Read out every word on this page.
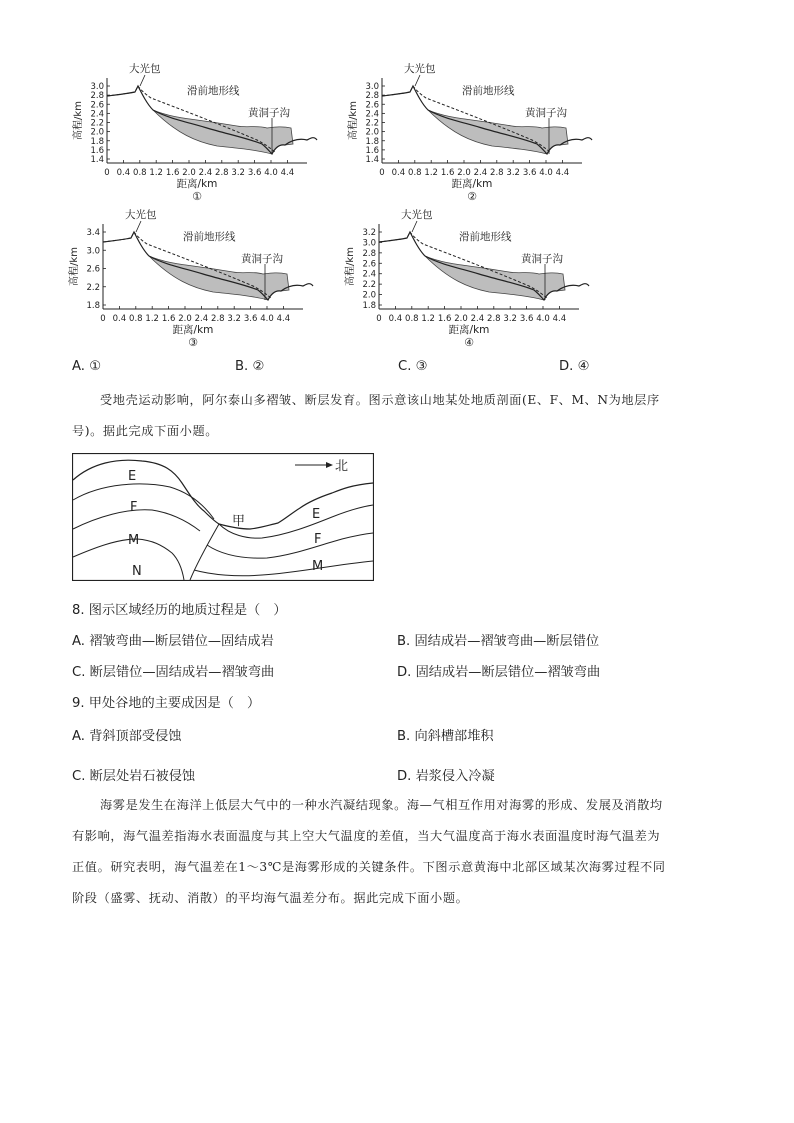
3.0
2.8
2.6
2.4
2.2
2.0
1.8
1.6
1.4
0 0.4 0.8 1.2 1.6 2.0 2.4 2.8 3.2 3.6 4.0 4.4
高程/km
距离/km
①
大光包
滑前地形线
黄洞子沟
3.0
2.8
2.6
2.4
2.2
2.0
1.8
1.6
1.4
0 0.4 0.8 1.2 1.6 2.0 2.4 2.8 3.2 3.6 4.0 4.4
高程/km
距离/km
②
大光包
滑前地形线
黄洞子沟
3.4
3.0
2.6
2.2
1.8
0 0.4 0.8 1.2 1.6 2.0 2.4 2.8 3.2 3.6 4.0 4.4
高程/km
距离/km
③
大光包
滑前地形线
黄洞子沟
3.2
3.0
2.8
2.6
2.4
2.2
2.0
1.8
0 0.4 0.8 1.2 1.6 2.0 2.4 2.8 3.2 3.6 4.0 4.4
高程/km
距离/km
④
大光包
滑前地形线
黄洞子沟
A. ①	B. ②	C. ③	D. ④
受地壳运动影响，阿尔泰山多褶皱、断层发育。图示意该山地某处地质剖面(E、F、M、N为地层序
号)。据此完成下面小题。
北
E
F
M
N
甲	E
F
M
8. 图示区域经历的地质过程是（　）
A. 褶皱弯曲—断层错位—固结成岩	B. 固结成岩—褶皱弯曲—断层错位
C. 断层错位—固结成岩—褶皱弯曲	D. 固结成岩—断层错位—褶皱弯曲
9. 甲处谷地的主要成因是（　）
A. 背斜顶部受侵蚀	B. 向斜槽部堆积
C. 断层处岩石被侵蚀	D. 岩浆侵入冷凝
海雾是发生在海洋上低层大气中的一种水汽凝结现象。海—气相互作用对海雾的形成、发展及消散均
有影响，海气温差指海水表面温度与其上空大气温度的差值，当大气温度高于海水表面温度时海气温差为
正值。研究表明，海气温差在1～3℃是海雾形成的关键条件。下图示意黄海中北部区域某次海雾过程不同
阶段（盛雾、抚动、消散）的平均海气温差分布。据此完成下面小题。
